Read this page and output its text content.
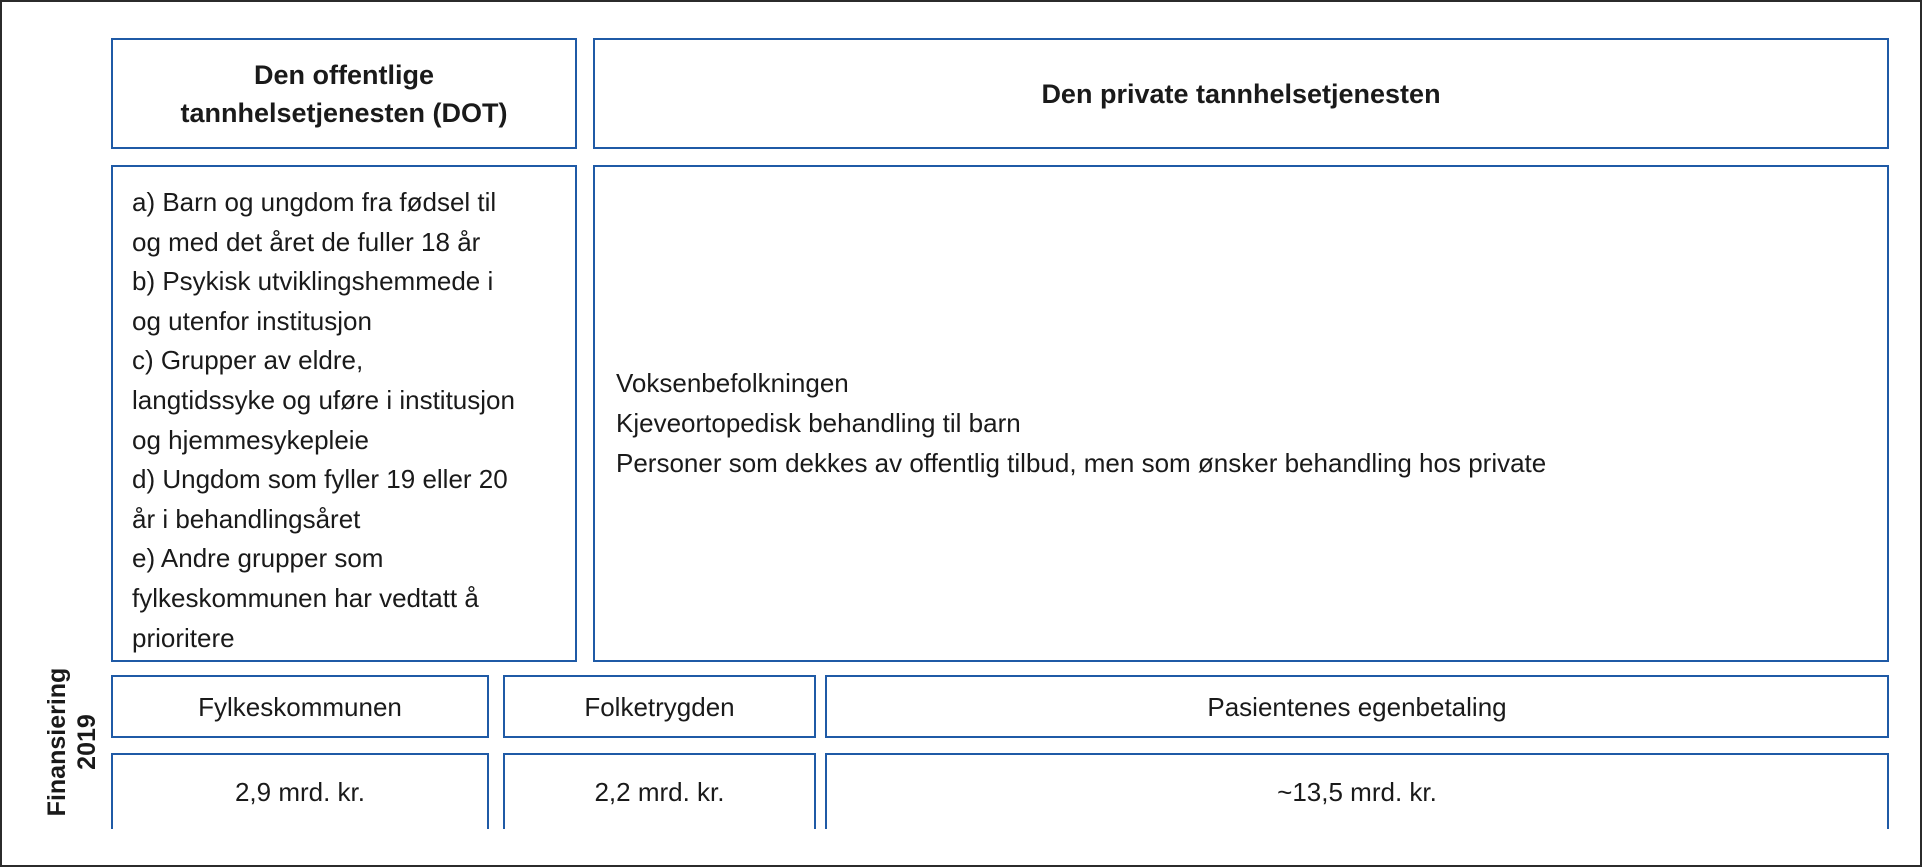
Den offentlige
tannhelsetjenesten (DOT)
Den private tannhelsetjenesten
a) Barn og ungdom fra fødsel til
og med det året de fuller 18 år
b) Psykisk utviklingshemmede i
og utenfor institusjon
c) Grupper av eldre,
langtidssyke og uføre i institusjon
og hjemmesykepleie
d) Ungdom som fyller 19 eller 20
år i behandlingsåret
e) Andre grupper som
fylkeskommunen har vedtatt å
prioritere
Voksenbefolkningen
Kjeveortopedisk behandling til barn
Personer som dekkes av offentlig tilbud, men som ønsker behandling hos private
Finansiering 2019
Fylkeskommunen	Folketrygden	Pasientenes egenbetaling
2,9 mrd. kr.	2,2 mrd. kr.	~13,5 mrd. kr.
